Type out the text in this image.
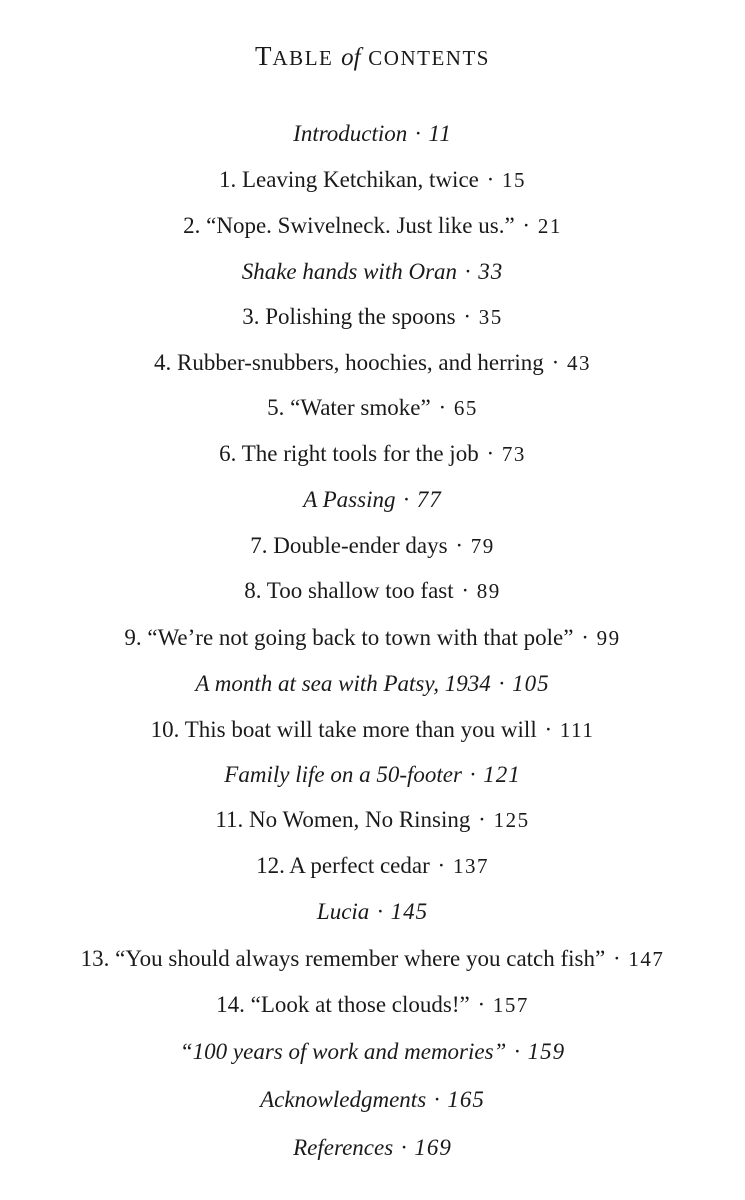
TABLE of CONTENTS
Introduction · 11
1. Leaving Ketchikan, twice · 15
2. “Nope. Swivelneck. Just like us.” · 21
Shake hands with Oran · 33
3. Polishing the spoons · 35
4. Rubber-snubbers, hoochies, and herring · 43
5. “Water smoke” · 65
6. The right tools for the job · 73
A Passing · 77
7. Double-ender days · 79
8. Too shallow too fast · 89
9. “We’re not going back to town with that pole” · 99
A month at sea with Patsy, 1934 · 105
10. This boat will take more than you will · 111
Family life on a 50-footer · 121
11. No Women, No Rinsing · 125
12. A perfect cedar · 137
Lucia · 145
13. “You should always remember where you catch fish” · 147
14. “Look at those clouds!” · 157
“100 years of work and memories” · 159
Acknowledgments · 165
References · 169
